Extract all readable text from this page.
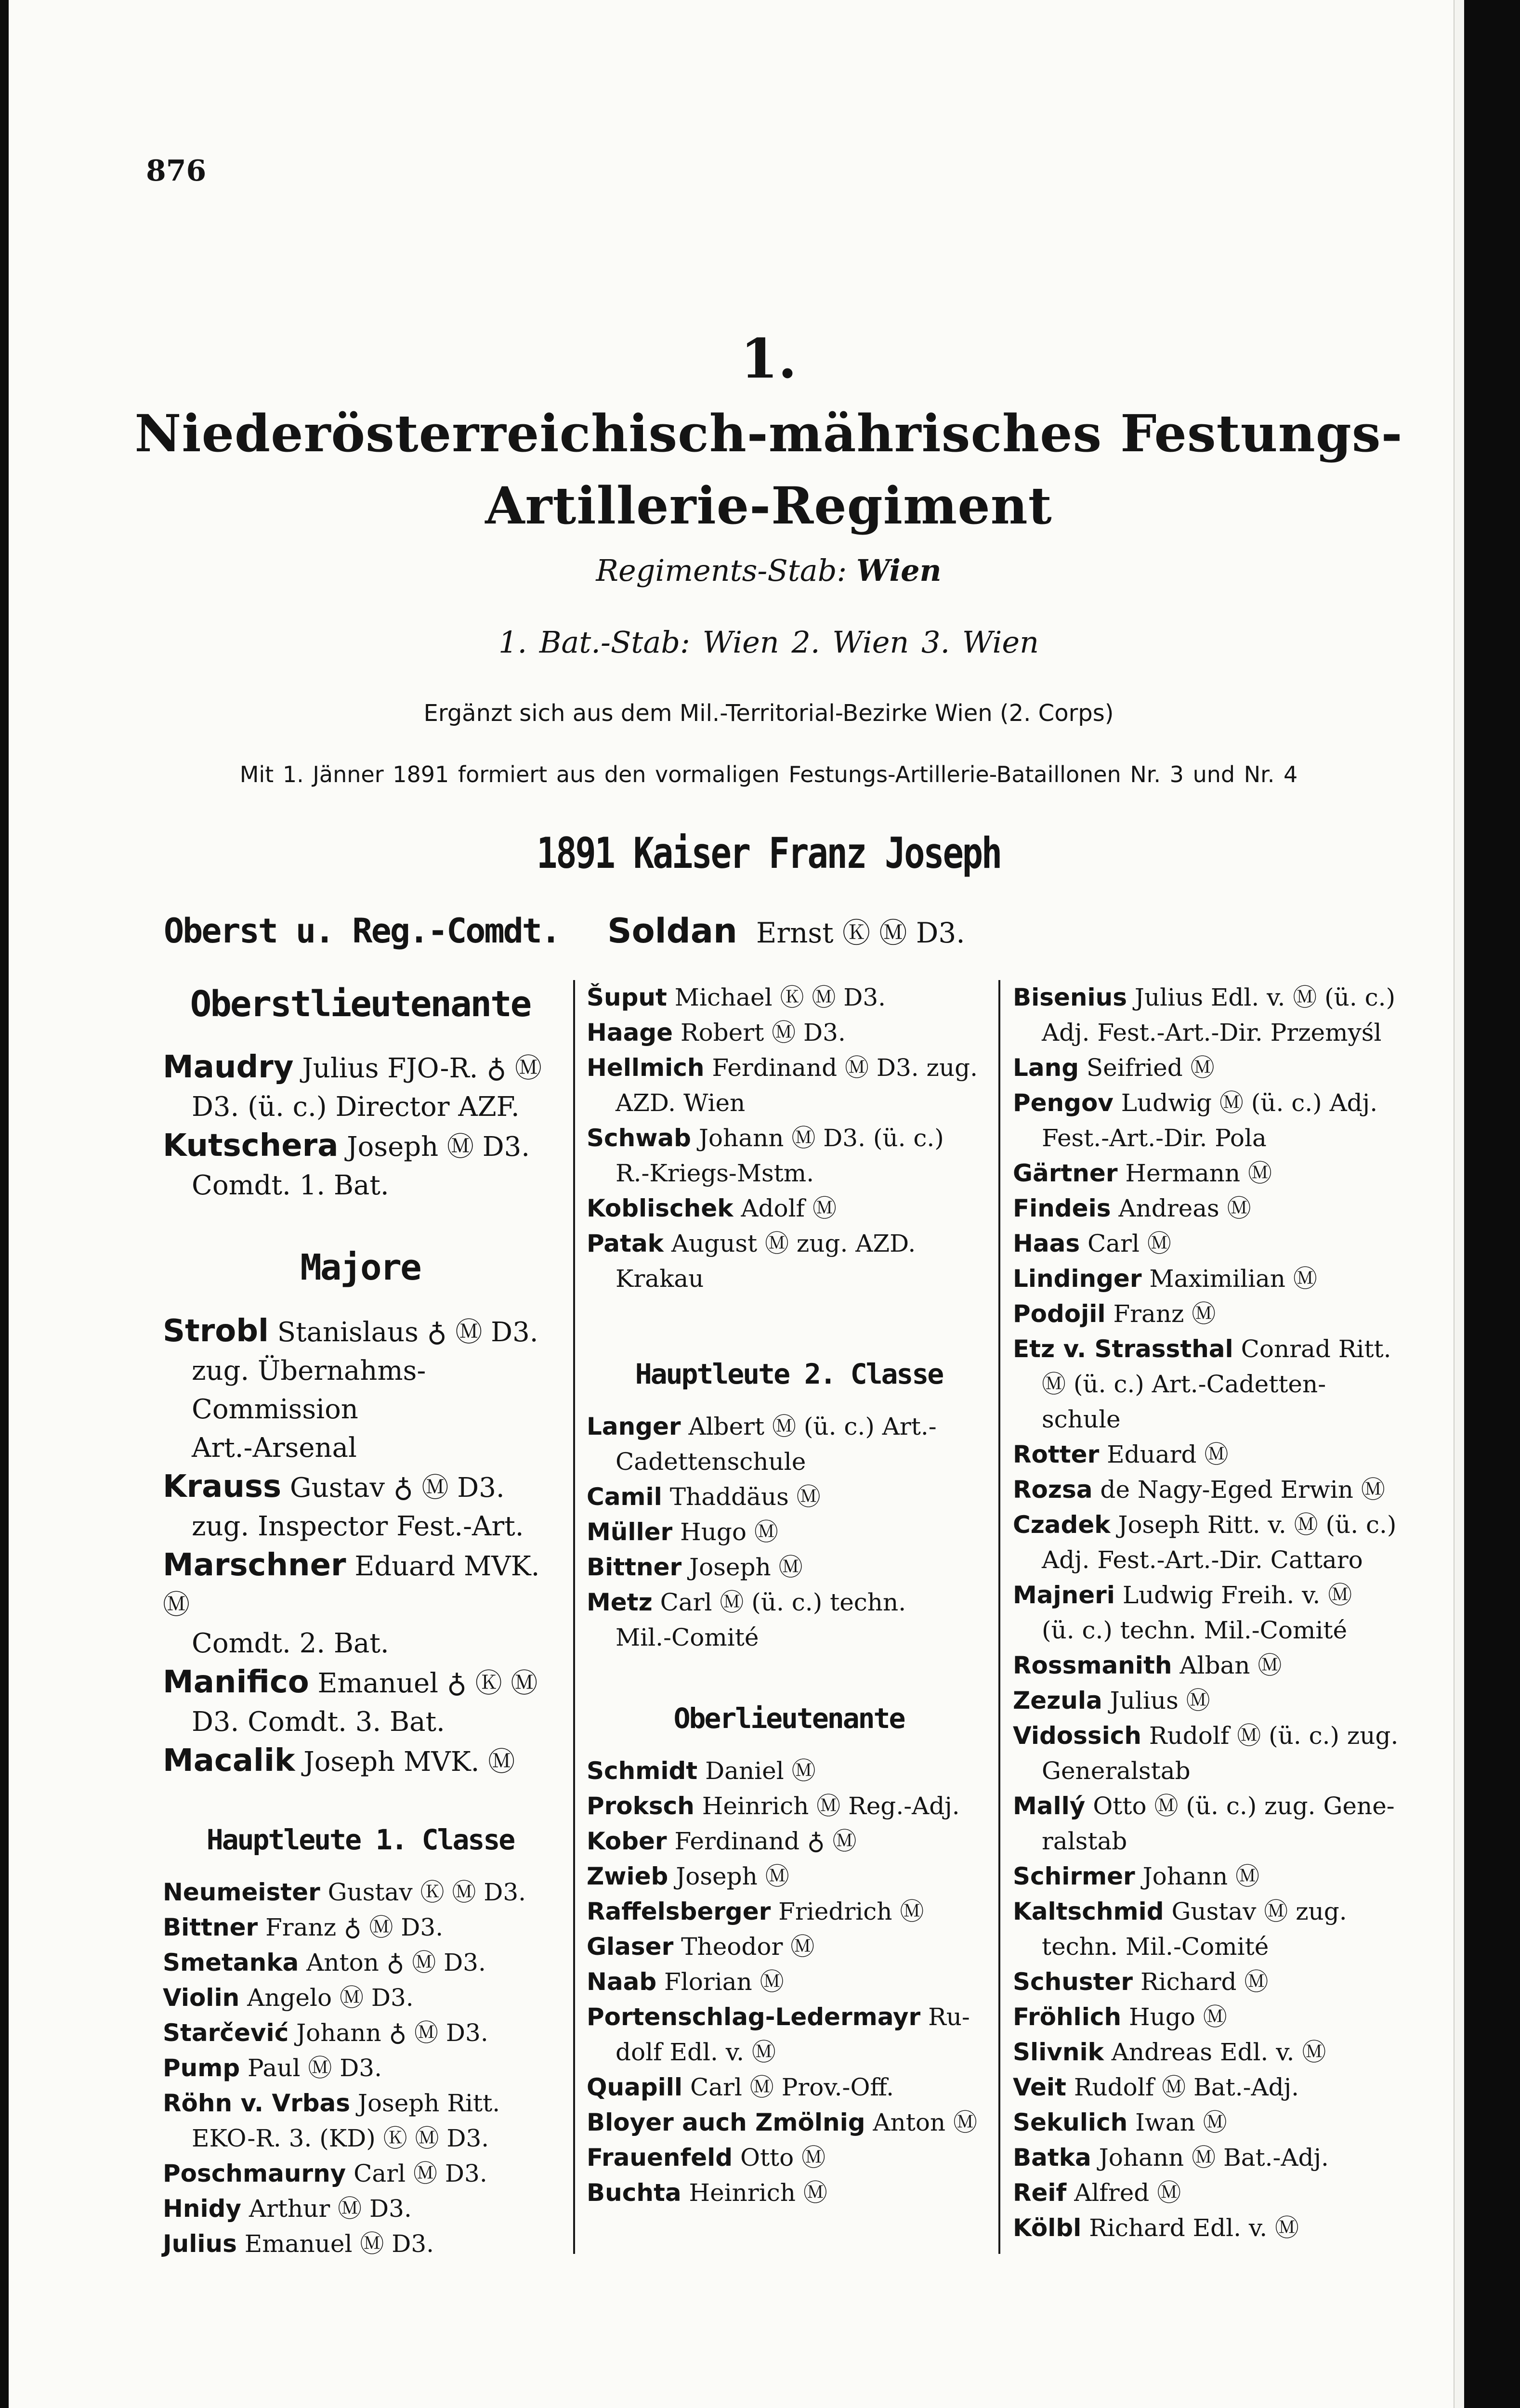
876
1.
Niederösterreichisch-mährisches Festungs-
Artillerie-Regiment
Regiments-Stab: Wien
1. Bat.-Stab: Wien 2. Wien 3. Wien
Ergänzt sich aus dem Mil.-Territorial-Bezirke Wien (2. Corps)
Mit 1. Jänner 1891 formiert aus den vormaligen Festungs-Artillerie-Bataillonen Nr. 3 und Nr. 4
1891 Kaiser Franz Joseph
Oberst u. Reg.-Comdt. Soldan Ernst Ⓚ Ⓜ D3.
Oberstlieutenante
Maudry Julius FJO-R. ♁ Ⓜ
D3. (ü. c.) Director AZF.
Kutschera Joseph Ⓜ D3.
Comdt. 1. Bat.
Majore
Strobl Stanislaus ♁ Ⓜ D3.
zug. Übernahms-Commission
Art.-Arsenal
Krauss Gustav ♁ Ⓜ D3.
zug. Inspector Fest.-Art.
Marschner Eduard MVK. Ⓜ
Comdt. 2. Bat.
Manifico Emanuel ♁ Ⓚ Ⓜ
D3. Comdt. 3. Bat.
Macalik Joseph MVK. Ⓜ
Hauptleute 1. Classe
Neumeister Gustav Ⓚ Ⓜ D3.
Bittner Franz ♁ Ⓜ D3.
Smetanka Anton ♁ Ⓜ D3.
Violin Angelo Ⓜ D3.
Starčević Johann ♁ Ⓜ D3.
Pump Paul Ⓜ D3.
Röhn v. Vrbas Joseph Ritt.
EKO-R. 3. (KD) Ⓚ Ⓜ D3.
Poschmaurny Carl Ⓜ D3.
Hnidy Arthur Ⓜ D3.
Julius Emanuel Ⓜ D3.
Šuput Michael Ⓚ Ⓜ D3.
Haage Robert Ⓜ D3.
Hellmich Ferdinand Ⓜ D3. zug.
AZD. Wien
Schwab Johann Ⓜ D3. (ü. c.)
R.-Kriegs-Mstm.
Koblischek Adolf Ⓜ
Patak August Ⓜ zug. AZD.
Krakau
Hauptleute 2. Classe
Langer Albert Ⓜ (ü. c.) Art.-
Cadettenschule
Camil Thaddäus Ⓜ
Müller Hugo Ⓜ
Bittner Joseph Ⓜ
Metz Carl Ⓜ (ü. c.) techn.
Mil.-Comité
Oberlieutenante
Schmidt Daniel Ⓜ
Proksch Heinrich Ⓜ Reg.-Adj.
Kober Ferdinand ♁ Ⓜ
Zwieb Joseph Ⓜ
Raffelsberger Friedrich Ⓜ
Glaser Theodor Ⓜ
Naab Florian Ⓜ
Portenschlag-Ledermayr Ru-
dolf Edl. v. Ⓜ
Quapill Carl Ⓜ Prov.-Off.
Bloyer auch Zmölnig Anton Ⓜ
Frauenfeld Otto Ⓜ
Buchta Heinrich Ⓜ
Bisenius Julius Edl. v. Ⓜ (ü. c.)
Adj. Fest.-Art.-Dir. Przemyśl
Lang Seifried Ⓜ
Pengov Ludwig Ⓜ (ü. c.) Adj.
Fest.-Art.-Dir. Pola
Gärtner Hermann Ⓜ
Findeis Andreas Ⓜ
Haas Carl Ⓜ
Lindinger Maximilian Ⓜ
Podojil Franz Ⓜ
Etz v. Strassthal Conrad Ritt.
Ⓜ (ü. c.) Art.-Cadetten-
schule
Rotter Eduard Ⓜ
Rozsa de Nagy-Eged Erwin Ⓜ
Czadek Joseph Ritt. v. Ⓜ (ü. c.)
Adj. Fest.-Art.-Dir. Cattaro
Majneri Ludwig Freih. v. Ⓜ
(ü. c.) techn. Mil.-Comité
Rossmanith Alban Ⓜ
Zezula Julius Ⓜ
Vidossich Rudolf Ⓜ (ü. c.) zug.
Generalstab
Mallý Otto Ⓜ (ü. c.) zug. Gene-
ralstab
Schirmer Johann Ⓜ
Kaltschmid Gustav Ⓜ zug.
techn. Mil.-Comité
Schuster Richard Ⓜ
Fröhlich Hugo Ⓜ
Slivnik Andreas Edl. v. Ⓜ
Veit Rudolf Ⓜ Bat.-Adj.
Sekulich Iwan Ⓜ
Batka Johann Ⓜ Bat.-Adj.
Reif Alfred Ⓜ
Kölbl Richard Edl. v. Ⓜ
